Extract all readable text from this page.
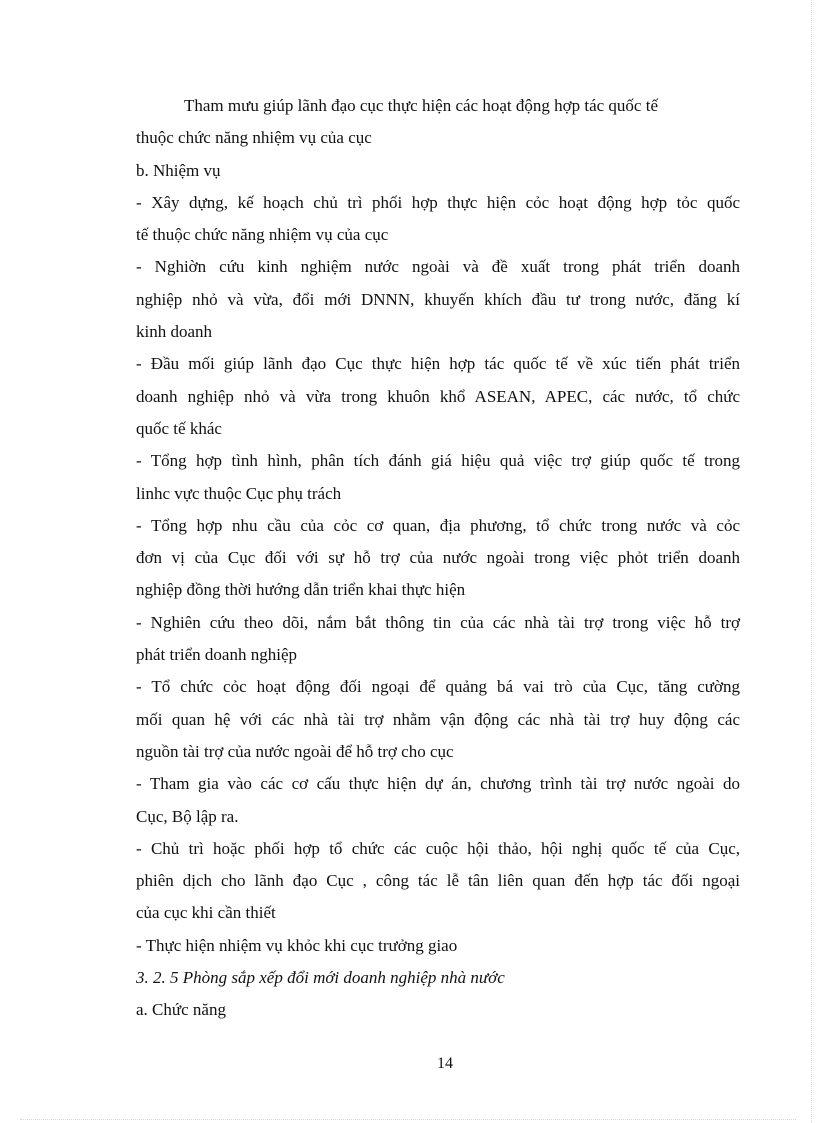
Tham mưu giúp lãnh đạo cục thực hiện các hoạt động hợp tác quốc tế
thuộc chức năng nhiệm vụ của cục
b. Nhiệm vụ
- Xây dựng, kế hoạch chủ trì phối hợp thực hiện cỏc hoạt động hợp tỏc quốc
tế thuộc chức năng nhiệm vụ của cục
- Nghiờn cứu kinh nghiệm nước ngoài và đề xuất trong phát triển doanh
nghiệp nhỏ và vừa, đổi mới DNNN, khuyến khích đầu tư trong nước, đăng kí
kinh doanh
- Đầu mối giúp lãnh đạo Cục thực hiện hợp tác quốc tế về xúc tiến phát triển
doanh nghiệp nhỏ và vừa trong khuôn khổ ASEAN, APEC, các nước, tổ chức
quốc tế khác
- Tổng hợp tình hình, phân tích đánh giá hiệu quả việc trợ giúp quốc tế trong
linhc vực thuộc Cục phụ trách
- Tổng hợp nhu cầu của cỏc cơ quan, địa phương, tổ chức trong nước và cỏc
đơn vị của Cục đối với sự hỗ trợ của nước ngoài trong việc phỏt triển doanh
nghiệp đồng thời hướng dẫn triển khai thực hiện
- Nghiên cứu theo dõi, nắm bắt thông tin của các nhà tài trợ trong việc hỗ trợ
phát triển doanh nghiệp
- Tổ chức cỏc hoạt động đối ngoại để quảng bá vai trò của Cục, tăng cường
mối quan hệ với các nhà tài trợ nhằm vận động các nhà tài trợ huy động các
nguồn tài trợ của nước ngoài để hỗ trợ cho cục
- Tham gia vào các cơ cấu thực hiện dự án, chương trình tài trợ nước ngoài do
Cục, Bộ lập ra.
- Chủ trì hoặc phối hợp tổ chức các cuộc hội thảo, hội nghị quốc tế của Cục,
phiên dịch cho lãnh đạo Cục , công tác lễ tân liên quan đến hợp tác đối ngoại
của cục khi cần thiết
- Thực hiện nhiệm vụ khỏc khi cục trưởng giao
3. 2. 5 Phòng sắp xếp đổi mới doanh nghiệp nhà nước
a. Chức năng
14
